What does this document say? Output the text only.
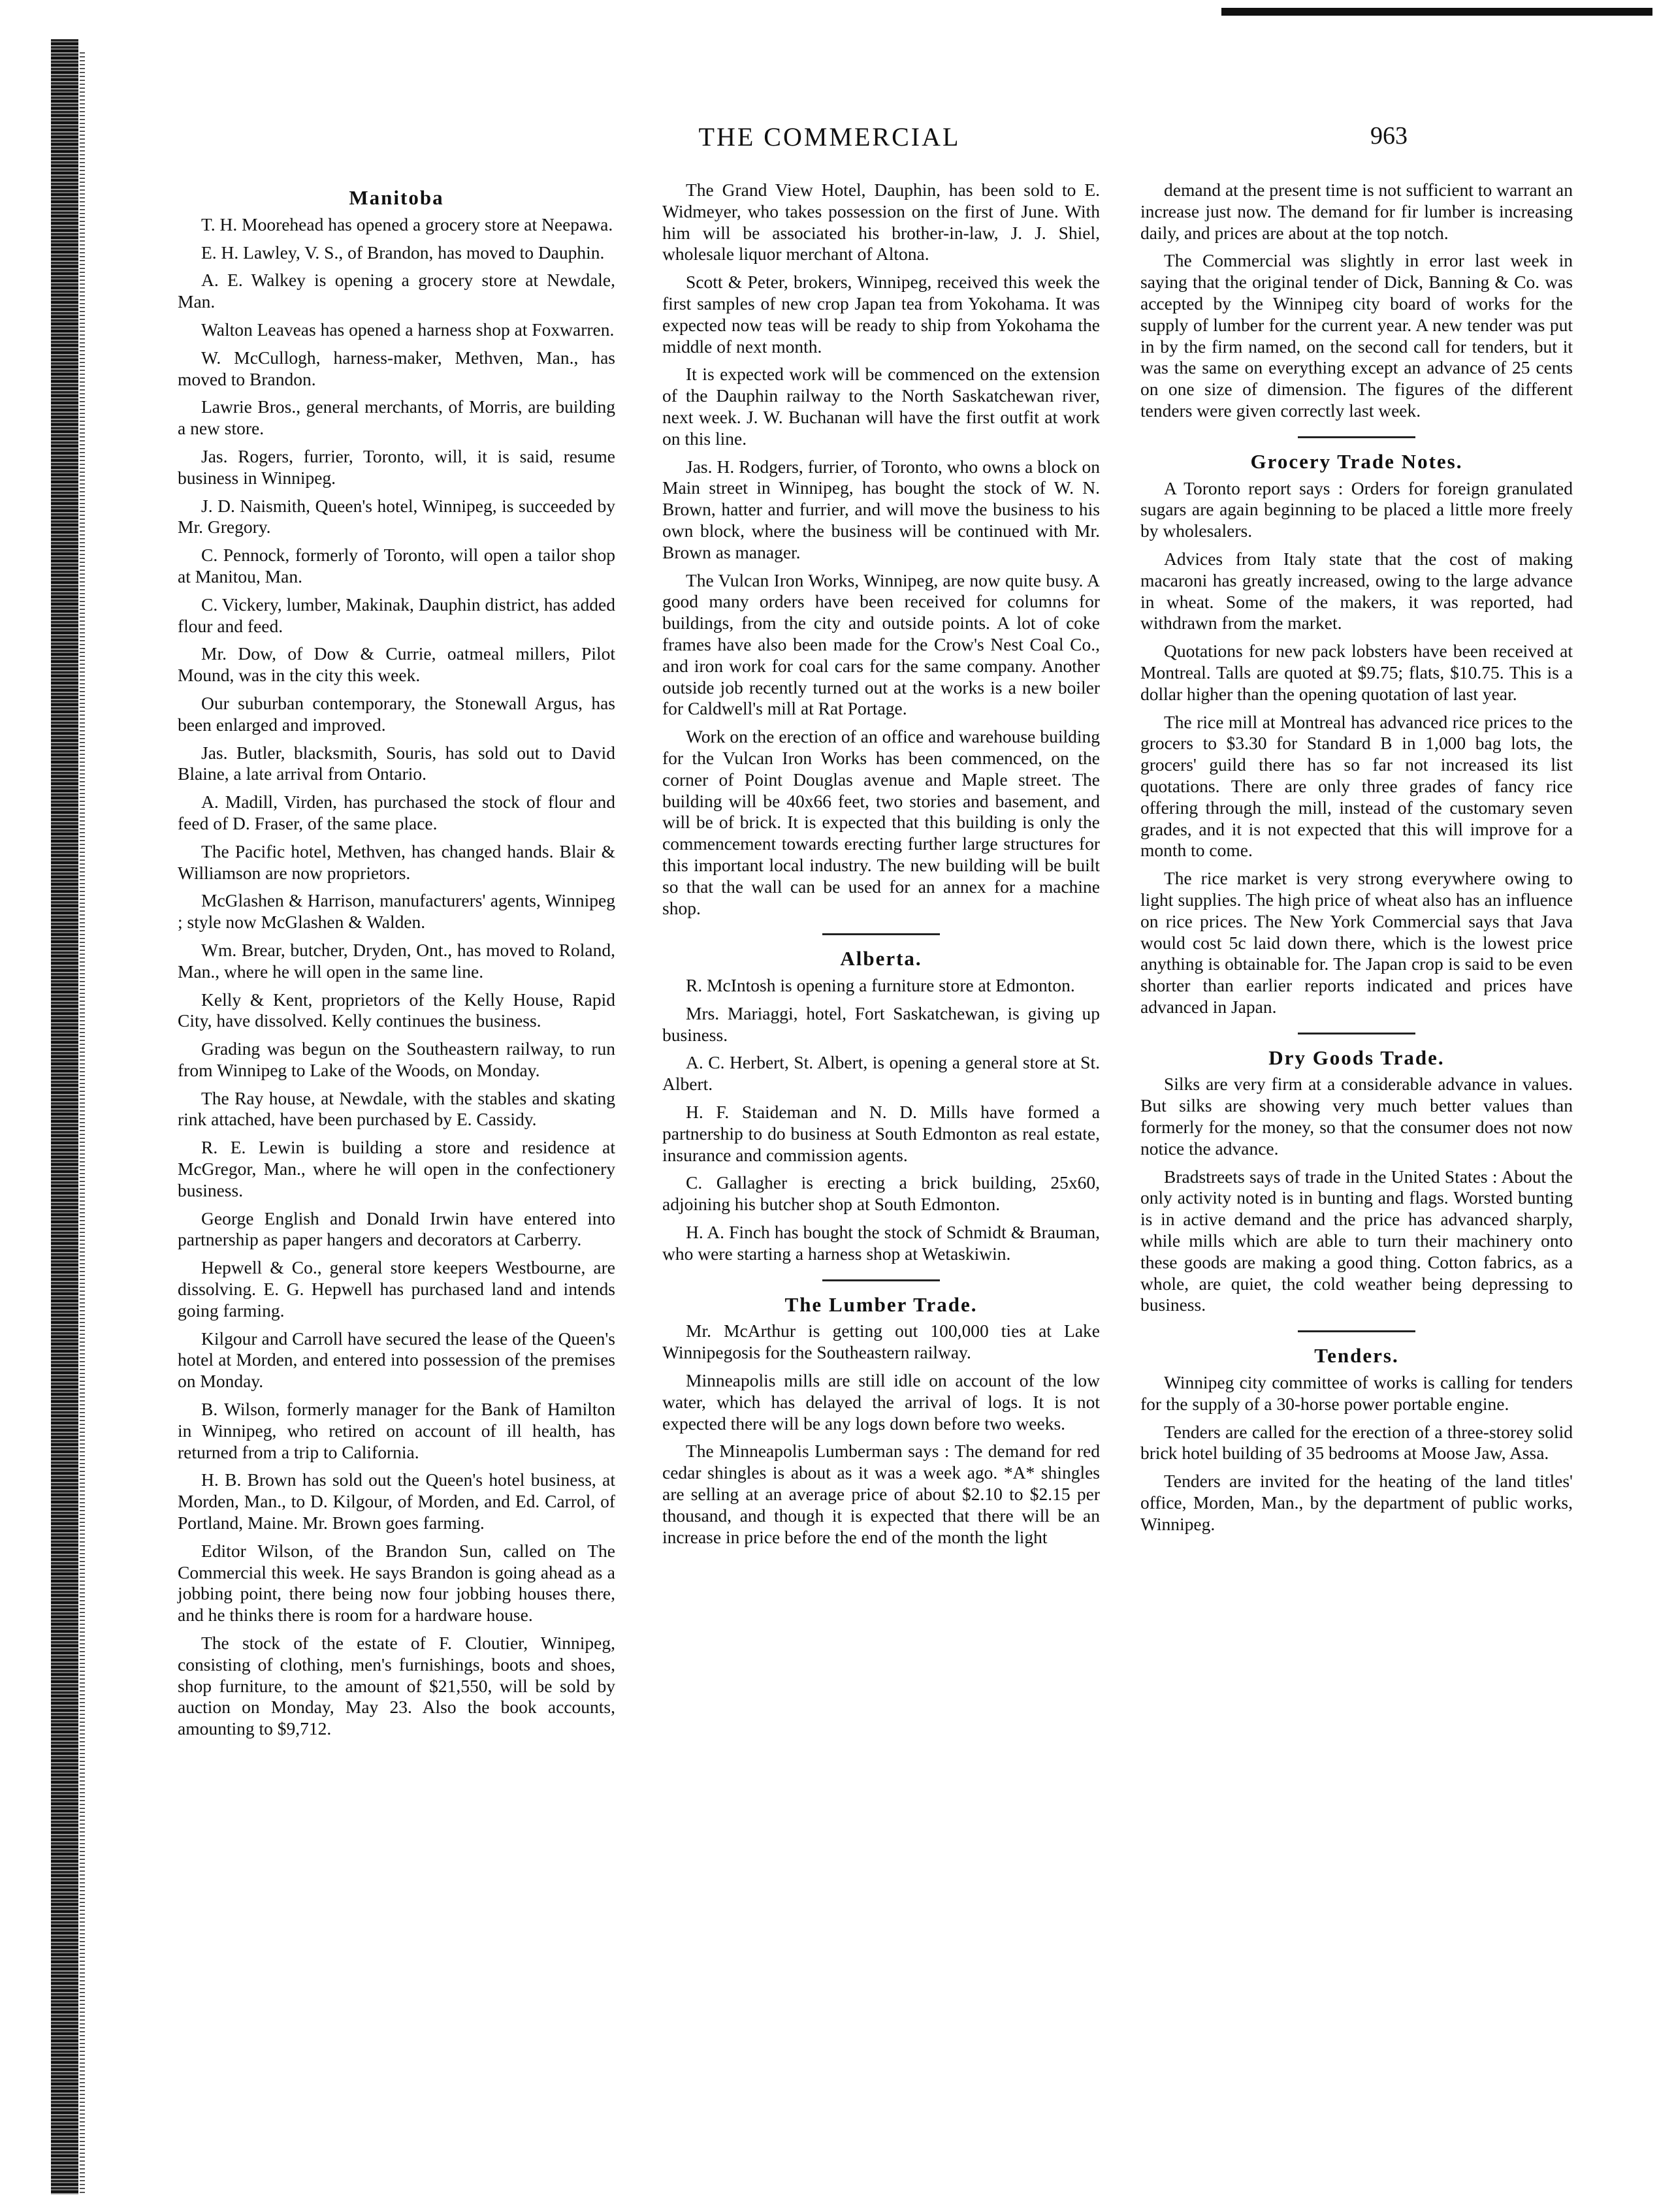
THE COMMERCIAL	963
Manitoba

T. H. Moorehead has opened a grocery store at Neepawa.

E. H. Lawley, V. S., of Brandon, has moved to Dauphin.

A. E. Walkey is opening a grocery store at Newdale, Man.

Walton Leaveas has opened a harness shop at Foxwarren.

W. McCullogh, harness-maker, Methven, Man., has moved to Brandon.

Lawrie Bros., general merchants, of Morris, are building a new store.

Jas. Rogers, furrier, Toronto, will, it is said, resume business in Winnipeg.

J. D. Naismith, Queen's hotel, Winnipeg, is succeeded by Mr. Gregory.

C. Pennock, formerly of Toronto, will open a tailor shop at Manitou, Man.

C. Vickery, lumber, Makinak, Dauphin district, has added flour and feed.

Mr. Dow, of Dow & Currie, oatmeal millers, Pilot Mound, was in the city this week.

Our suburban contemporary, the Stonewall Argus, has been enlarged and improved.

Jas. Butler, blacksmith, Souris, has sold out to David Blaine, a late arrival from Ontario.

A. Madill, Virden, has purchased the stock of flour and feed of D. Fraser, of the same place.

The Pacific hotel, Methven, has changed hands. Blair & Williamson are now proprietors.

McGlashen & Harrison, manufacturers' agents, Winnipeg ; style now McGlashen & Walden.

Wm. Brear, butcher, Dryden, Ont., has moved to Roland, Man., where he will open in the same line.

Kelly & Kent, proprietors of the Kelly House, Rapid City, have dissolved. Kelly continues the business.

Grading was begun on the Southeastern railway, to run from Winnipeg to Lake of the Woods, on Monday.

The Ray house, at Newdale, with the stables and skating rink attached, have been purchased by E. Cassidy.

R. E. Lewin is building a store and residence at McGregor, Man., where he will open in the confectionery business.

George English and Donald Irwin have entered into partnership as paper hangers and decorators at Carberry.

Hepwell & Co., general store keepers Westbourne, are dissolving. E. G. Hepwell has purchased land and intends going farming.

Kilgour and Carroll have secured the lease of the Queen's hotel at Morden, and entered into possession of the premises on Monday.

B. Wilson, formerly manager for the Bank of Hamilton in Winnipeg, who retired on account of ill health, has returned from a trip to California.

H. B. Brown has sold out the Queen's hotel business, at Morden, Man., to D. Kilgour, of Morden, and Ed. Carrol, of Portland, Maine. Mr. Brown goes farming.

Editor Wilson, of the Brandon Sun, called on The Commercial this week. He says Brandon is going ahead as a jobbing point, there being now four jobbing houses there, and he thinks there is room for a hardware house.

The stock of the estate of F. Cloutier, Winnipeg, consisting of clothing, men's furnishings, boots and shoes, shop furniture, to the amount of $21,550, will be sold by auction on Monday, May 23. Also the book accounts, amounting to $9,712.

The Grand View Hotel, Dauphin, has been sold to E. Widmeyer, who takes possession on the first of June. With him will be associated his brother-in-law, J. J. Shiel, wholesale liquor merchant of Altona.

Scott & Peter, brokers, Winnipeg, received this week the first samples of new crop Japan tea from Yokohama. It was expected now teas will be ready to ship from Yokohama the middle of next month.

It is expected work will be commenced on the extension of the Dauphin railway to the North Saskatchewan river, next week. J. W. Buchanan will have the first outfit at work on this line.

Jas. H. Rodgers, furrier, of Toronto, who owns a block on Main street in Winnipeg, has bought the stock of W. N. Brown, hatter and furrier, and will move the business to his own block, where the business will be continued with Mr. Brown as manager.

The Vulcan Iron Works, Winnipeg, are now quite busy. A good many orders have been received for columns for buildings, from the city and outside points. A lot of coke frames have also been made for the Crow's Nest Coal Co., and iron work for coal cars for the same company. Another outside job recently turned out at the works is a new boiler for Caldwell's mill at Rat Portage.

Work on the erection of an office and warehouse building for the Vulcan Iron Works has been commenced, on the corner of Point Douglas avenue and Maple street. The building will be 40x66 feet, two stories and basement, and will be of brick. It is expected that this building is only the commencement towards erecting further large structures for this important local industry. The new building will be built so that the wall can be used for an annex for a machine shop.

Alberta.

R. McIntosh is opening a furniture store at Edmonton.

Mrs. Mariaggi, hotel, Fort Saskatchewan, is giving up business.

A. C. Herbert, St. Albert, is opening a general store at St. Albert.

H. F. Staideman and N. D. Mills have formed a partnership to do business at South Edmonton as real estate, insurance and commission agents.

C. Gallagher is erecting a brick building, 25x60, adjoining his butcher shop at South Edmonton.

H. A. Finch has bought the stock of Schmidt & Brauman, who were starting a harness shop at Wetaskiwin.

The Lumber Trade.

Mr. McArthur is getting out 100,000 ties at Lake Winnipegosis for the Southeastern railway.

Minneapolis mills are still idle on account of the low water, which has delayed the arrival of logs. It is not expected there will be any logs down before two weeks.

The Minneapolis Lumberman says : The demand for red cedar shingles is about as it was a week ago. *A* shingles are selling at an average price of about $2.10 to $2.15 per thousand, and though it is expected that there will be an increase in price before the end of the month the light

demand at the present time is not sufficient to warrant an increase just now. The demand for fir lumber is increasing daily, and prices are about at the top notch.

The Commercial was slightly in error last week in saying that the original tender of Dick, Banning & Co. was accepted by the Winnipeg city board of works for the supply of lumber for the current year. A new tender was put in by the firm named, on the second call for tenders, but it was the same on everything except an advance of 25 cents on one size of dimension. The figures of the different tenders were given correctly last week.

Grocery Trade Notes.

A Toronto report says : Orders for foreign granulated sugars are again beginning to be placed a little more freely by wholesalers.

Advices from Italy state that the cost of making macaroni has greatly increased, owing to the large advance in wheat. Some of the makers, it was reported, had withdrawn from the market.

Quotations for new pack lobsters have been received at Montreal. Talls are quoted at $9.75; flats, $10.75. This is a dollar higher than the opening quotation of last year.

The rice mill at Montreal has advanced rice prices to the grocers to $3.30 for Standard B in 1,000 bag lots, the grocers' guild there has so far not increased its list quotations. There are only three grades of fancy rice offering through the mill, instead of the customary seven grades, and it is not expected that this will improve for a month to come.

The rice market is very strong everywhere owing to light supplies. The high price of wheat also has an influence on rice prices. The New York Commercial says that Java would cost 5c laid down there, which is the lowest price anything is obtainable for. The Japan crop is said to be even shorter than earlier reports indicated and prices have advanced in Japan.

Dry Goods Trade.

Silks are very firm at a considerable advance in values. But silks are showing very much better values than formerly for the money, so that the consumer does not now notice the advance.

Bradstreets says of trade in the United States : About the only activity noted is in bunting and flags. Worsted bunting is in active demand and the price has advanced sharply, while mills which are able to turn their machinery onto these goods are making a good thing. Cotton fabrics, as a whole, are quiet, the cold weather being depressing to business.

Tenders.

Winnipeg city committee of works is calling for tenders for the supply of a 30-horse power portable engine.

Tenders are called for the erection of a three-storey solid brick hotel building of 35 bedrooms at Moose Jaw, Assa.

Tenders are invited for the heating of the land titles' office, Morden, Man., by the department of public works, Winnipeg.
